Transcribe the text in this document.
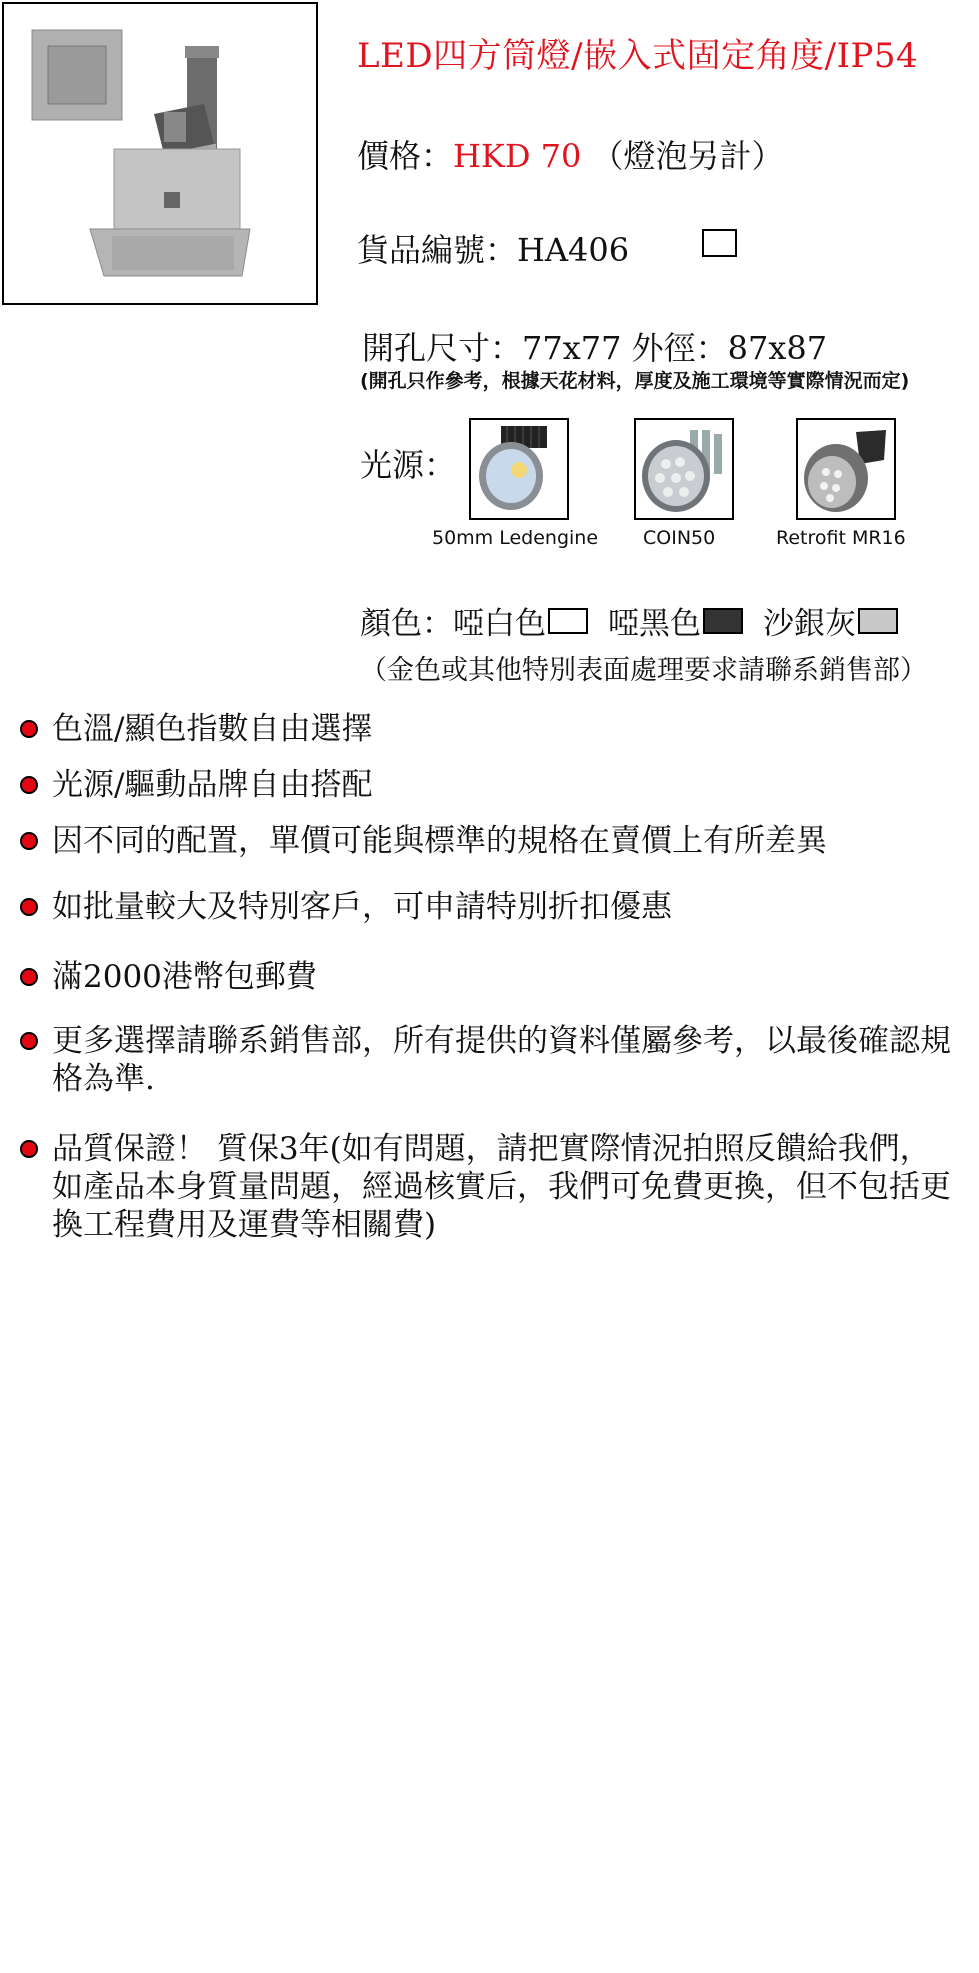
LED四方筒燈/嵌入式固定角度/IP54
價格：HKD 70 （燈泡另計）
貨品編號：HA406
開孔尺寸：77x77 外徑：87x87
(開孔只作參考，根據天花材料，厚度及施工環境等實際情況而定)
光源：
50mm Ledengine COIN50	Retrofit MR16
顏色： 啞白色 啞黑色 沙銀灰
（金色或其他特別表面處理要求請聯系銷售部）
色溫/顯色指數自由選擇
光源/驅動品牌自由搭配
因不同的配置，單價可能與標準的規格在賣價上有所差異
如批量較大及特別客戶，可申請特別折扣優惠
滿2000港幣包郵費
更多選擇請聯系銷售部，所有提供的資料僅屬參考，以最後確認規格為準.
品質保證！ 質保3年(如有問題，請把實際情況拍照反饋給我們，如產品本身質量問題，經過核實后，我們可免費更換，但不包括更換工程費用及運費等相關費)
